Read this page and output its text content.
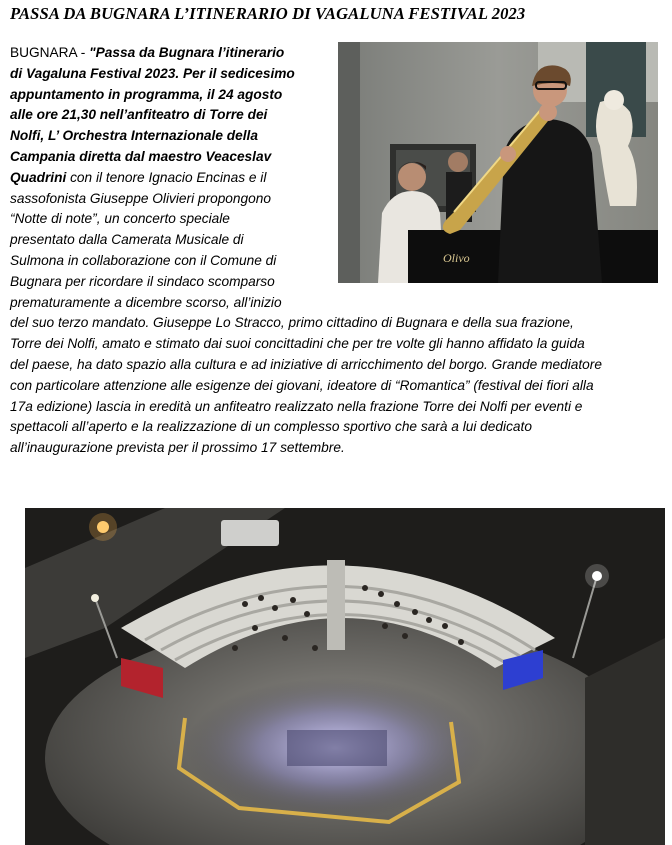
PASSA DA BUGNARA L’ITINERARIO DI VAGALUNA FESTIVAL 2023
Olivo
BUGNARA - "Passa da Bugnara l’itinerario
di Vagaluna Festival 2023. Per il sedicesimo
appuntamento in programma, il 24 agosto
alle ore 21,30 nell’anfiteatro di Torre dei
Nolfi, L’ Orchestra Internazionale della
Campania diretta dal maestro Veaceslav
Quadrini con il tenore Ignacio Encinas e il
sassofonista Giuseppe Olivieri propongono
“Notte di note”, un concerto speciale
presentato dalla Camerata Musicale di
Sulmona in collaborazione con il Comune di
Bugnara per ricordare il sindaco scomparso
prematuramente a dicembre scorso, all’inizio
del suo terzo mandato. Giuseppe Lo Stracco, primo cittadino di Bugnara e della sua frazione,
Torre dei Nolfi, amato e stimato dai suoi concittadini che per tre volte gli hanno affidato la guida
del paese, ha dato spazio alla cultura e ad iniziative di arricchimento del borgo. Grande mediatore
con particolare attenzione alle esigenze dei giovani, ideatore di “Romantica” (festival dei fiori alla
17a edizione) lascia in eredità un anfiteatro realizzato nella frazione Torre dei Nolfi per eventi e
spettacoli all’aperto e la realizzazione di un complesso sportivo che sarà a lui dedicato
all’inaugurazione prevista per il prossimo 17 settembre.
